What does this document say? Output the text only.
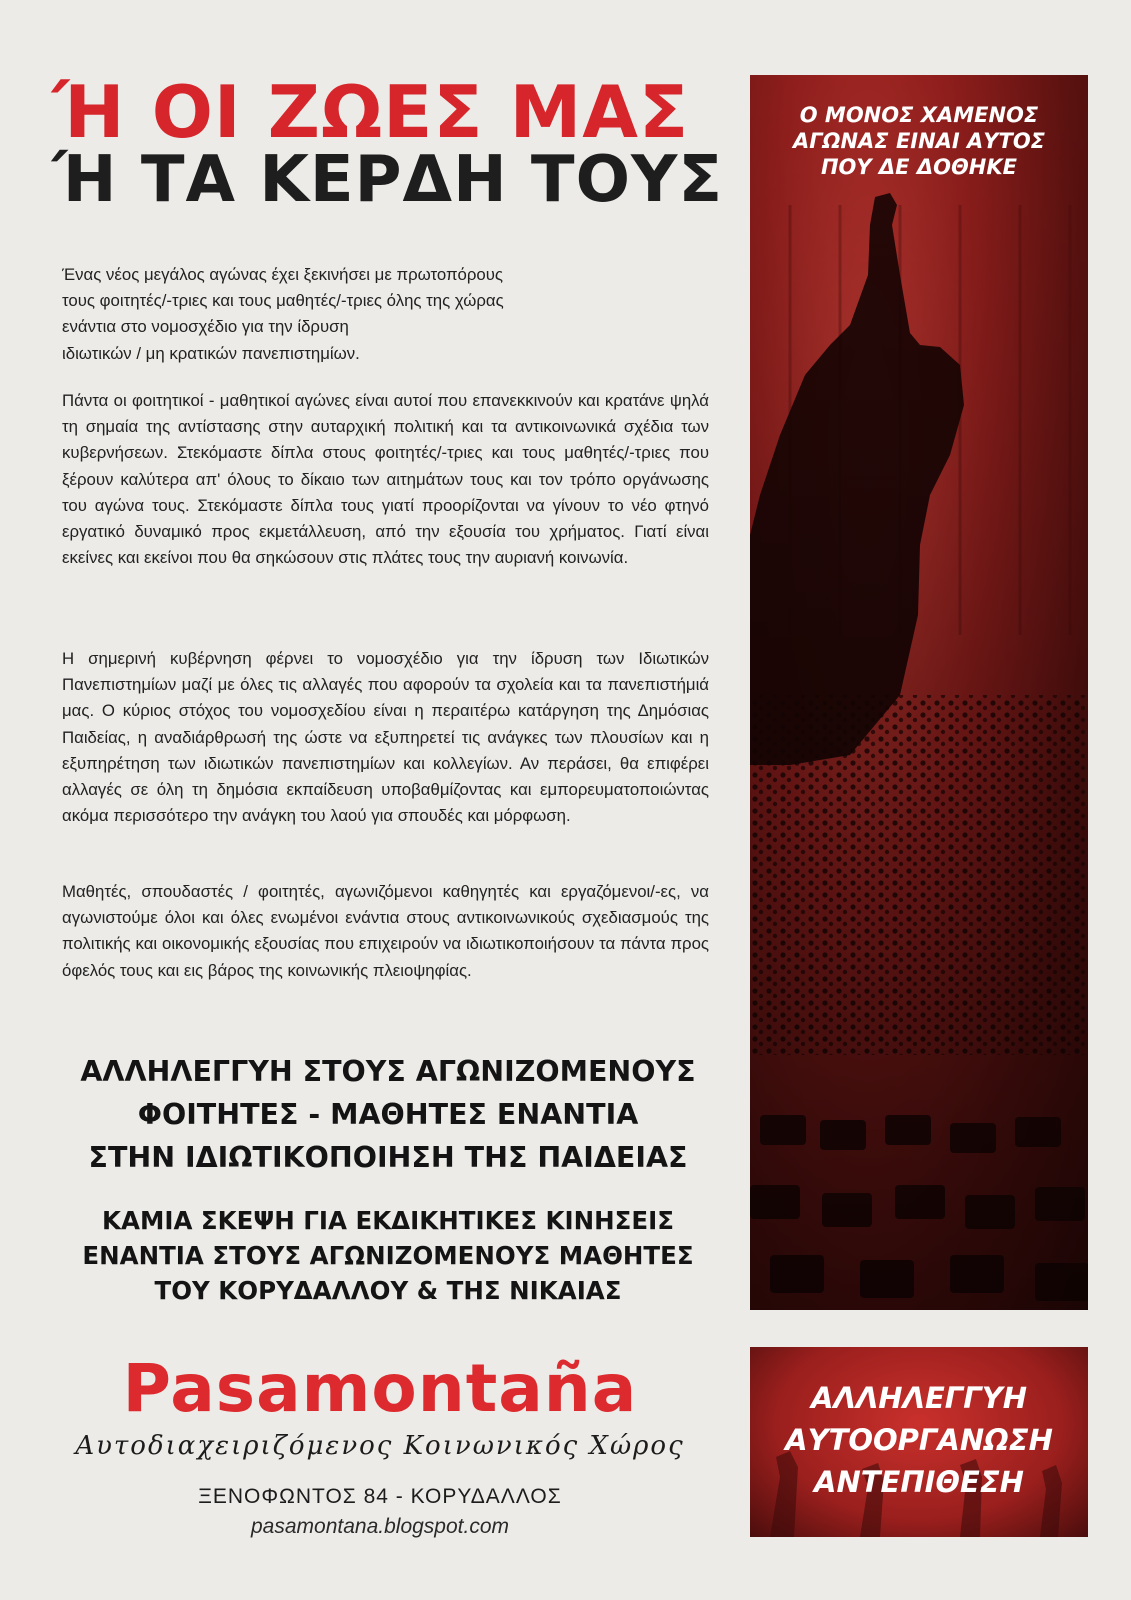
Ή ΟΙ ΖΩΕΣ ΜΑΣ
Ή ΤΑ ΚΕΡΔΗ ΤΟΥΣ
Ένας νέος μεγάλος αγώνας έχει ξεκινήσει με πρωτοπόρους
τους φοιτητές/-τριες και τους μαθητές/-τριες όλης της χώρας
ενάντια στο νομοσχέδιο για την ίδρυση
ιδιωτικών / μη κρατικών πανεπιστημίων.

Πάντα οι φοιτητικοί - μαθητικοί αγώνες είναι αυτοί που επανεκκινούν και κρατάνε ψηλά τη σημαία της αντίστασης στην αυταρχική πολιτική και τα αντικοινωνικά σχέδια των κυβερνήσεων. Στεκόμαστε δίπλα στους φοιτητές/-τριες και τους μαθητές/-τριες που ξέρουν καλύτερα απ' όλους το δίκαιο των αιτημάτων τους και τον τρόπο οργάνωσης του αγώνα τους. Στεκόμαστε δίπλα τους γιατί προορίζονται να γίνουν το νέο φτηνό εργατικό δυναμικό προς εκμετάλλευση, από την εξουσία του χρήματος. Γιατί είναι εκείνες και εκείνοι που θα σηκώσουν στις πλάτες τους την αυριανή κοινωνία.

Η σημερινή κυβέρνηση φέρνει το νομοσχέδιο για την ίδρυση των Ιδιωτικών Πανεπιστημίων μαζί με όλες τις αλλαγές που αφορούν τα σχολεία και τα πανεπιστήμιά μας. Ο κύριος στόχος του νομοσχεδίου είναι η περαιτέρω κατάργηση της Δημόσιας Παιδείας, η αναδιάρθρωσή της ώστε να εξυπηρετεί τις ανάγκες των πλουσίων και η εξυπηρέτηση των ιδιωτικών πανεπιστημίων και κολλεγίων. Αν περάσει, θα επιφέρει αλλαγές σε όλη τη δημόσια εκπαίδευση υποβαθμίζοντας και εμπορευματοποιώντας ακόμα περισσότερο την ανάγκη του λαού για σπουδές και μόρφωση.

Μαθητές, σπουδαστές / φοιτητές, αγωνιζόμενοι καθηγητές και εργαζόμενοι/-ες, να αγωνιστούμε όλοι και όλες ενωμένοι ενάντια στους αντικοινωνικούς σχεδιασμούς της πολιτικής και οικονομικής εξουσίας που επιχειρούν να ιδιωτικοποιήσουν τα πάντα προς όφελός τους και εις βάρος της κοινωνικής πλειοψηφίας.

ΑΛΛΗΛΕΓΓΥΗ ΣΤΟΥΣ ΑΓΩΝΙΖΟΜΕΝΟΥΣ
ΦΟΙΤΗΤΕΣ - ΜΑΘΗΤΕΣ ΕΝΑΝΤΙΑ
ΣΤΗΝ ΙΔΙΩΤΙΚΟΠΟΙΗΣΗ ΤΗΣ ΠΑΙΔΕΙΑΣ
ΚΑΜΙΑ ΣΚΕΨΗ ΓΙΑ ΕΚΔΙΚΗΤΙΚΕΣ ΚΙΝΗΣΕΙΣ
ΕΝΑΝΤΙΑ ΣΤΟΥΣ ΑΓΩΝΙΖΟΜΕΝΟΥΣ ΜΑΘΗΤΕΣ
ΤΟΥ ΚΟΡΥΔΑΛΛΟΥ & ΤΗΣ ΝΙΚΑΙΑΣ
Pasamontaña
Αυτοδιαχειριζόμενος Κοινωνικός Χώρος
ΞΕΝΟΦΩΝΤΟΣ 84 - ΚΟΡΥΔΑΛΛΟΣ
pasamontana.blogspot.com
Ο ΜΟΝΟΣ ΧΑΜΕΝΟΣ
ΑΓΩΝΑΣ ΕΙΝΑΙ ΑΥΤΟΣ
ΠΟΥ ΔΕ ΔΟΘΗΚΕ
ΑΛΛΗΛΕΓΓΥΗ
ΑΥΤΟΟΡΓΑΝΩΣΗ
ΑΝΤΕΠΙΘΕΣΗ
